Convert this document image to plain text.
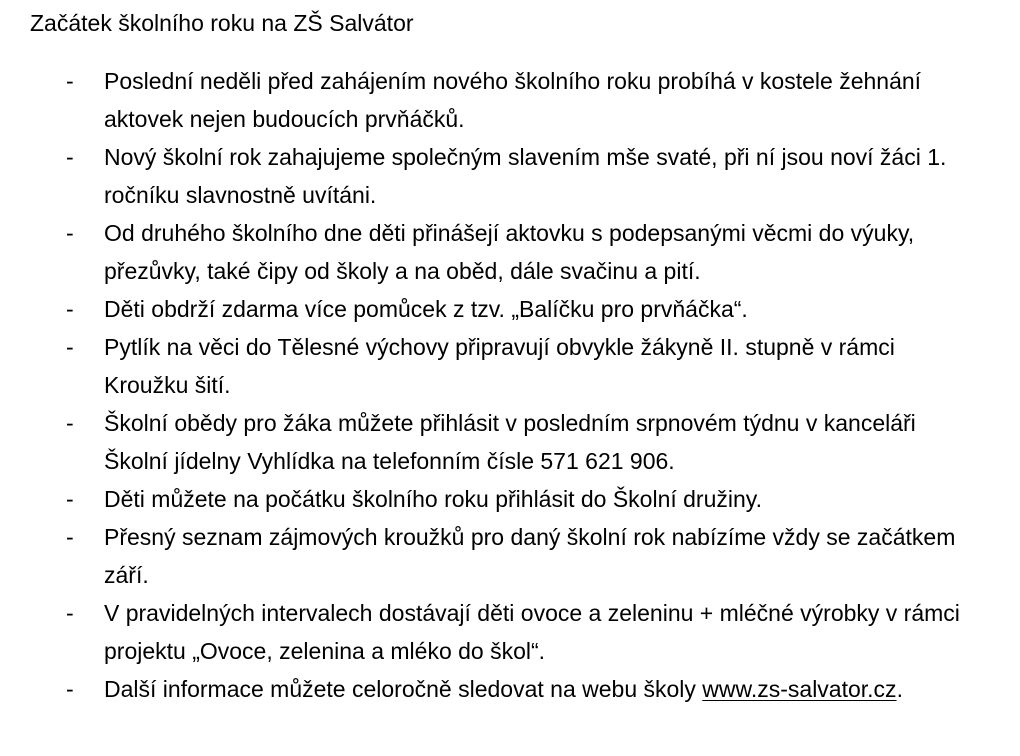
Začátek školního roku na ZŠ Salvátor
-	Poslední neděli před zahájením nového školního roku probíhá v kostele žehnání aktovek nejen budoucích prvňáčků.
-	Nový školní rok zahajujeme společným slavením mše svaté, při ní jsou noví žáci 1. ročníku slavnostně uvítáni.
-	Od druhého školního dne děti přinášejí aktovku s podepsanými věcmi do výuky, přezůvky, také čipy od školy a na oběd, dále svačinu a pití.
-	Děti obdrží zdarma více pomůcek z tzv. „Balíčku pro prvňáčka“.
-	Pytlík na věci do Tělesné výchovy připravují obvykle žákyně II. stupně v rámci Kroužku šití.
-	Školní obědy pro žáka můžete přihlásit v posledním srpnovém týdnu v kanceláři Školní jídelny Vyhlídka na telefonním čísle 571 621 906.
-	Děti můžete na počátku školního roku přihlásit do Školní družiny.
-	Přesný seznam zájmových kroužků pro daný školní rok nabízíme vždy se začátkem září.
-	V pravidelných intervalech dostávají děti ovoce a zeleninu + mléčné výrobky v rámci projektu „Ovoce, zelenina a mléko do škol“.
-	Další informace můžete celoročně sledovat na webu školy www.zs-salvator.cz.
